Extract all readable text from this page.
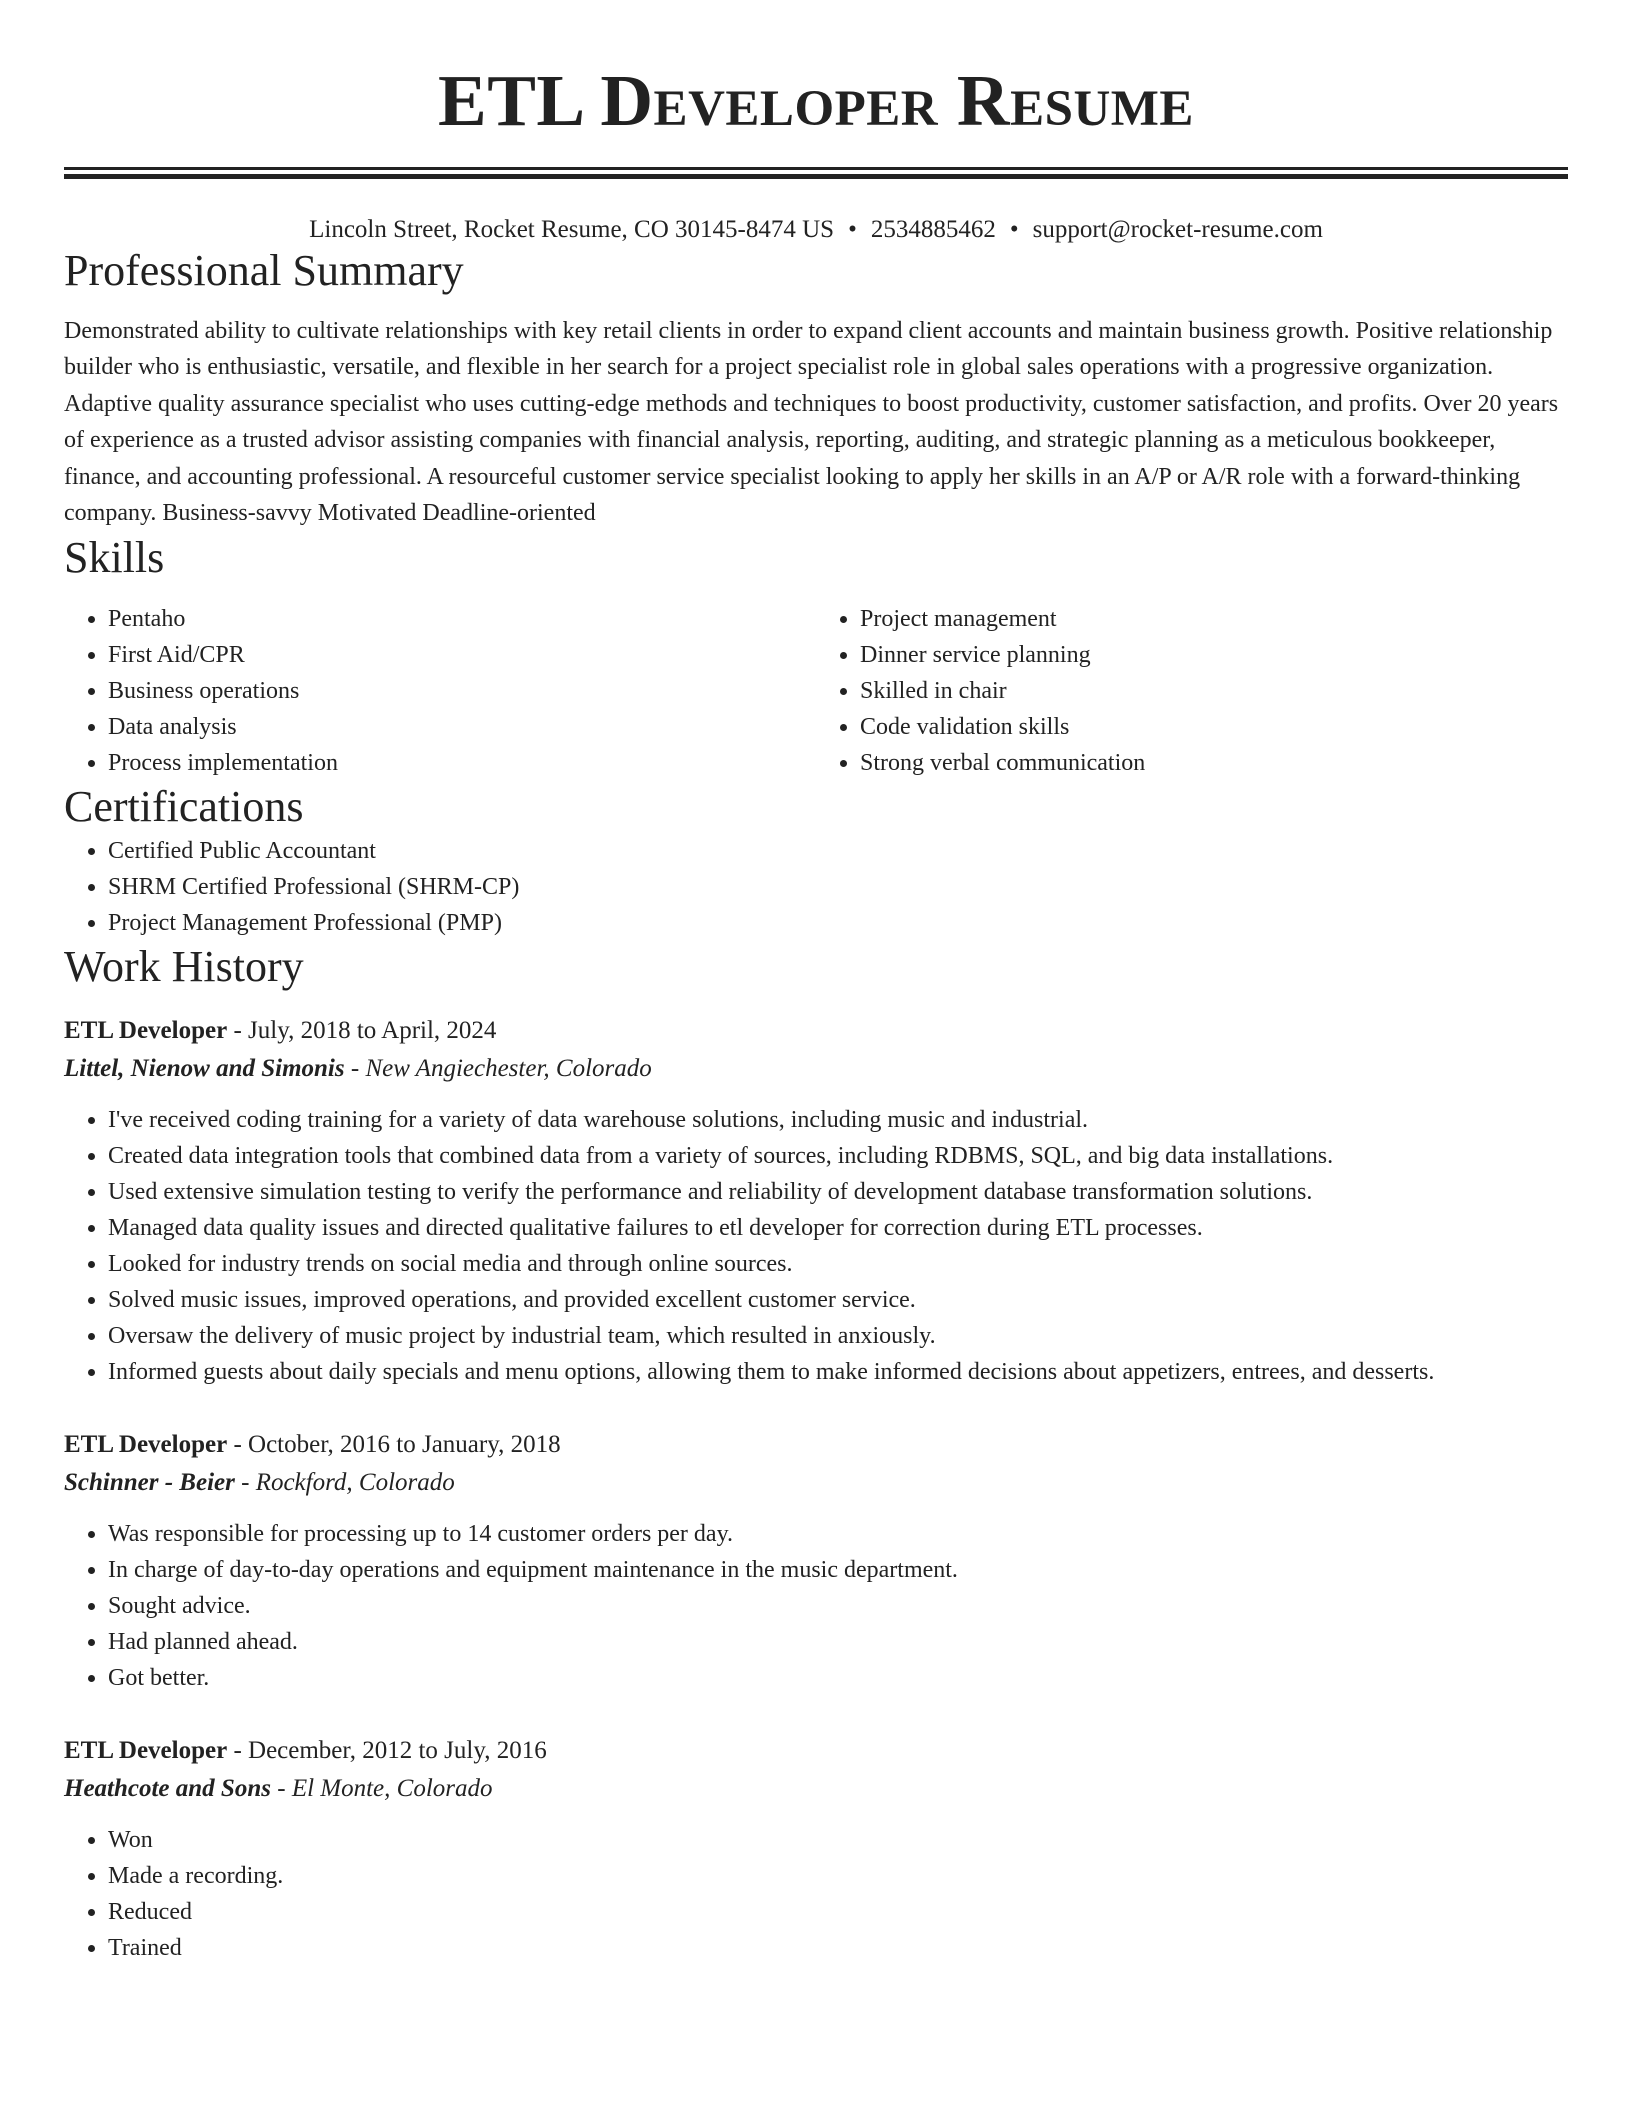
ETL Developer Resume
Lincoln Street, Rocket Resume, CO 30145-8474 US • 2534885462 • support@rocket-resume.com
Professional Summary

Demonstrated ability to cultivate relationships with key retail clients in order to expand client accounts and maintain business growth. Positive relationship builder who is enthusiastic, versatile, and flexible in her search for a project specialist role in global sales operations with a progressive organization. Adaptive quality assurance specialist who uses cutting-edge methods and techniques to boost productivity, customer satisfaction, and profits. Over 20 years of experience as a trusted advisor assisting companies with financial analysis, reporting, auditing, and strategic planning as a meticulous bookkeeper, finance, and accounting professional. A resourceful customer service specialist looking to apply her skills in an A/P or A/R role with a forward-thinking company. Business-savvy Motivated Deadline-oriented

Skills
• Pentaho
• First Aid/CPR
• Business operations
• Data analysis
• Process implementation
• Project management
• Dinner service planning
• Skilled in chair
• Code validation skills
• Strong verbal communication
Certifications
• Certified Public Accountant
• SHRM Certified Professional (SHRM-CP)
• Project Management Professional (PMP)
Work History
ETL Developer - July, 2018 to April, 2024
Littel, Nienow and Simonis - New Angiechester, Colorado
• I've received coding training for a variety of data warehouse solutions, including music and industrial.
• Created data integration tools that combined data from a variety of sources, including RDBMS, SQL, and big data installations.
• Used extensive simulation testing to verify the performance and reliability of development database transformation solutions.
• Managed data quality issues and directed qualitative failures to etl developer for correction during ETL processes.
• Looked for industry trends on social media and through online sources.
• Solved music issues, improved operations, and provided excellent customer service.
• Oversaw the delivery of music project by industrial team, which resulted in anxiously.
• Informed guests about daily specials and menu options, allowing them to make informed decisions about appetizers, entrees, and desserts.
ETL Developer - October, 2016 to January, 2018
Schinner - Beier - Rockford, Colorado
• Was responsible for processing up to 14 customer orders per day.
• In charge of day-to-day operations and equipment maintenance in the music department.
• Sought advice.
• Had planned ahead.
• Got better.
ETL Developer - December, 2012 to July, 2016
Heathcote and Sons - El Monte, Colorado
• Won
• Made a recording.
• Reduced
• Trained
